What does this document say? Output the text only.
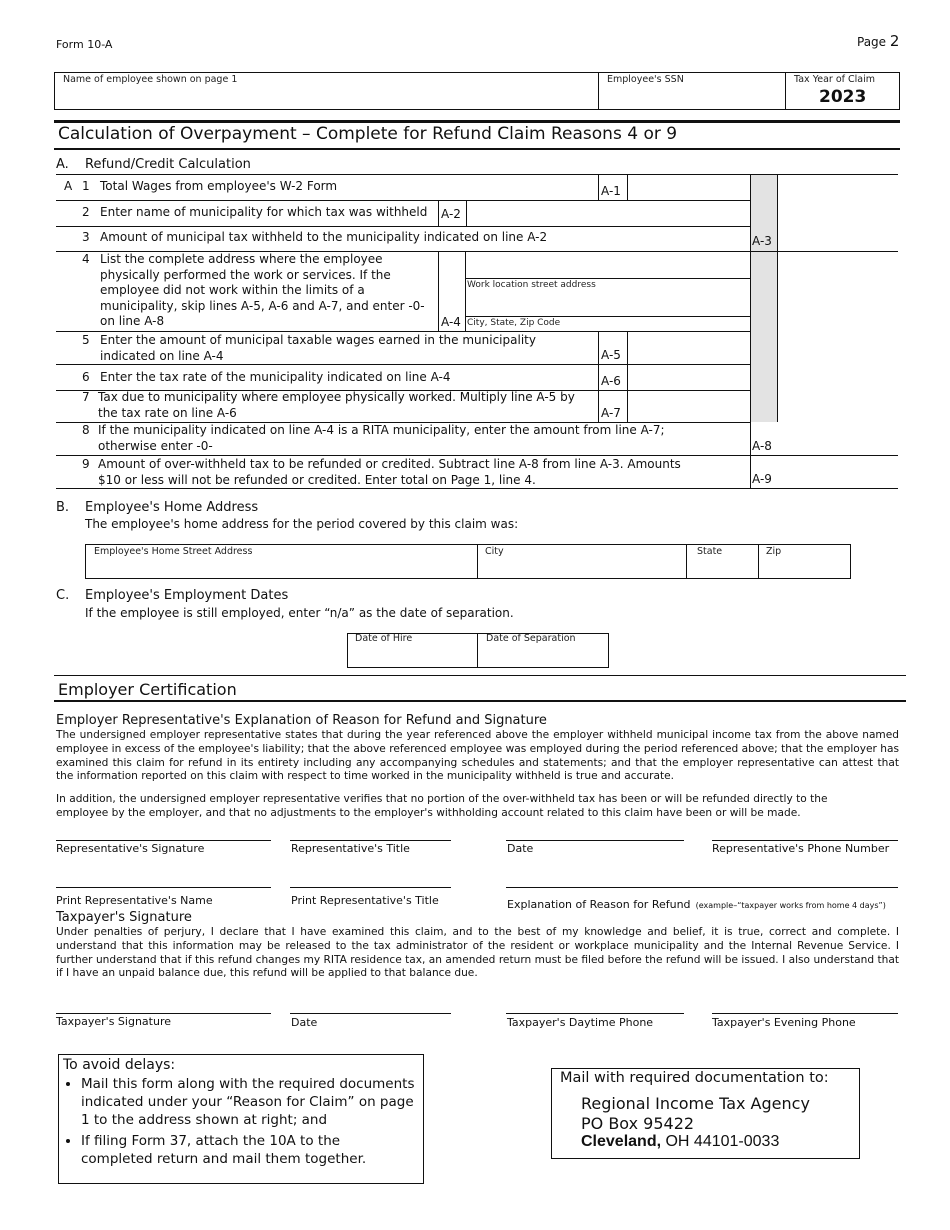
Form 10-A	Page 2
Name of employee shown on page 1	Employee's SSN	Tax Year of Claim
2023
Calculation of Overpayment – Complete for Refund Claim Reasons 4 or 9
A. Refund/Credit Calculation
A 1 Total Wages from employee's W-2 Form	A-1
2 Enter name of municipality for which tax was withheld A-2
3 Amount of municipal tax withheld to the municipality indicated on line A-2	A-3
4 List the complete address where the employee physically performed the work or services. If the employee did not work within the limits of a municipality, skip lines A-5, A-6 and A-7, and enter -0- on line A-8	A-4
Work location street address
City, State, Zip Code
5 Enter the amount of municipal taxable wages earned in the municipality indicated on line A-4	A-5
6 Enter the tax rate of the municipality indicated on line A-4	A-6
7 Tax due to municipality where employee physically worked. Multiply line A-5 by the tax rate on line A-6	A-7
8 If the municipality indicated on line A-4 is a RITA municipality, enter the amount from line A-7; otherwise enter -0-	A-8
9 Amount of over-withheld tax to be refunded or credited. Subtract line A-8 from line A-3. Amounts $10 or less will not be refunded or credited. Enter total on Page 1, line 4.	A-9
B. Employee's Home Address
The employee's home address for the period covered by this claim was:
Employee's Home Street Address	City	State	Zip
C. Employee's Employment Dates
If the employee is still employed, enter “n/a” as the date of separation.
Date of Hire	Date of Separation
Employer Certification
Employer Representative's Explanation of Reason for Refund and Signature
The undersigned employer representative states that during the year referenced above the employer withheld municipal income tax from the above named employee in excess of the employee's liability; that the above referenced employee was employed during the period referenced above; that the employer has examined this claim for refund in its entirety including any accompanying schedules and statements; and that the employer representative can attest that the information reported on this claim with respect to time worked in the municipality withheld is true and accurate.
In addition, the undersigned employer representative verifies that no portion of the over-withheld tax has been or will be refunded directly to the employee by the employer, and that no adjustments to the employer's withholding account related to this claim have been or will be made.
Representative's Signature	Representative's Title	Date	Representative's Phone Number
Print Representative's Name	Print Representative's Title	Explanation of Reason for Refund (example–“taxpayer works from home 4 days”)
Taxpayer's Signature
Under penalties of perjury, I declare that I have examined this claim, and to the best of my knowledge and belief, it is true, correct and complete. I understand that this information may be released to the tax administrator of the resident or workplace municipality and the Internal Revenue Service. I further understand that if this refund changes my RITA residence tax, an amended return must be filed before the refund will be issued. I also understand that if I have an unpaid balance due, this refund will be applied to that balance due.
Taxpayer's Signature	Date	Taxpayer's Daytime Phone	Taxpayer's Evening Phone
To avoid delays:
• Mail this form along with the required documents indicated under your “Reason for Claim” on page 1 to the address shown at right; and
• If filing Form 37, attach the 10A to the completed return and mail them together.
Mail with required documentation to:
Regional Income Tax Agency
PO Box 95422
Cleveland, OH 44101-0033
